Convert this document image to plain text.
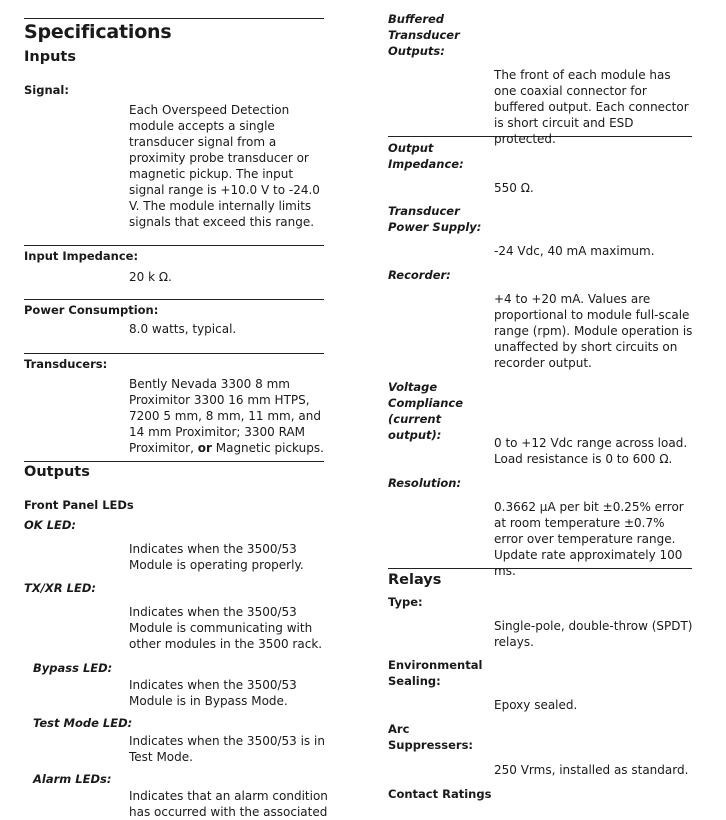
Specifications
Inputs
Signal:
Each Overspeed Detection module accepts a single transducer signal from a proximity probe transducer or magnetic pickup. The input signal range is +10.0 V to -24.0 V. The module internally limits signals that exceed this range.
Input Impedance:
20 k Ω.
Power Consumption:
8.0 watts, typical.
Transducers:
Bently Nevada 3300 8 mm Proximitor 3300 16 mm HTPS, 7200 5 mm, 8 mm, 11 mm, and 14 mm Proximitor; 3300 RAM Proximitor, or Magnetic pickups.
Outputs
Front Panel LEDs
OK LED:
Indicates when the 3500/53 Module is operating properly.
TX/XR LED:
Indicates when the 3500/53 Module is communicating with other modules in the 3500 rack.
Bypass LED:
Indicates when the 3500/53 Module is in Bypass Mode.
Test Mode LED:
Indicates when the 3500/53 is in Test Mode.
Alarm LEDs:
Indicates that an alarm condition has occurred with the associated
Buffered Transducer Outputs:
The front of each module has one coaxial connector for buffered output. Each connector is short circuit and ESD protected.
Output Impedance:
550 Ω.
Transducer Power Supply:
-24 Vdc, 40 mA maximum.
Recorder:
+4 to +20 mA. Values are proportional to module full-scale range (rpm). Module operation is unaffected by short circuits on recorder output.
Voltage Compliance (current output):
0 to +12 Vdc range across load. Load resistance is 0 to 600 Ω.
Resolution:
0.3662 µA per bit ±0.25% error at room temperature ±0.7% error over temperature range. Update rate approximately 100 ms.
Relays
Type:
Single-pole, double-throw (SPDT) relays.
Environmental Sealing:
Epoxy sealed.
Arc Suppressers:
250 Vrms, installed as standard.
Contact Ratings
